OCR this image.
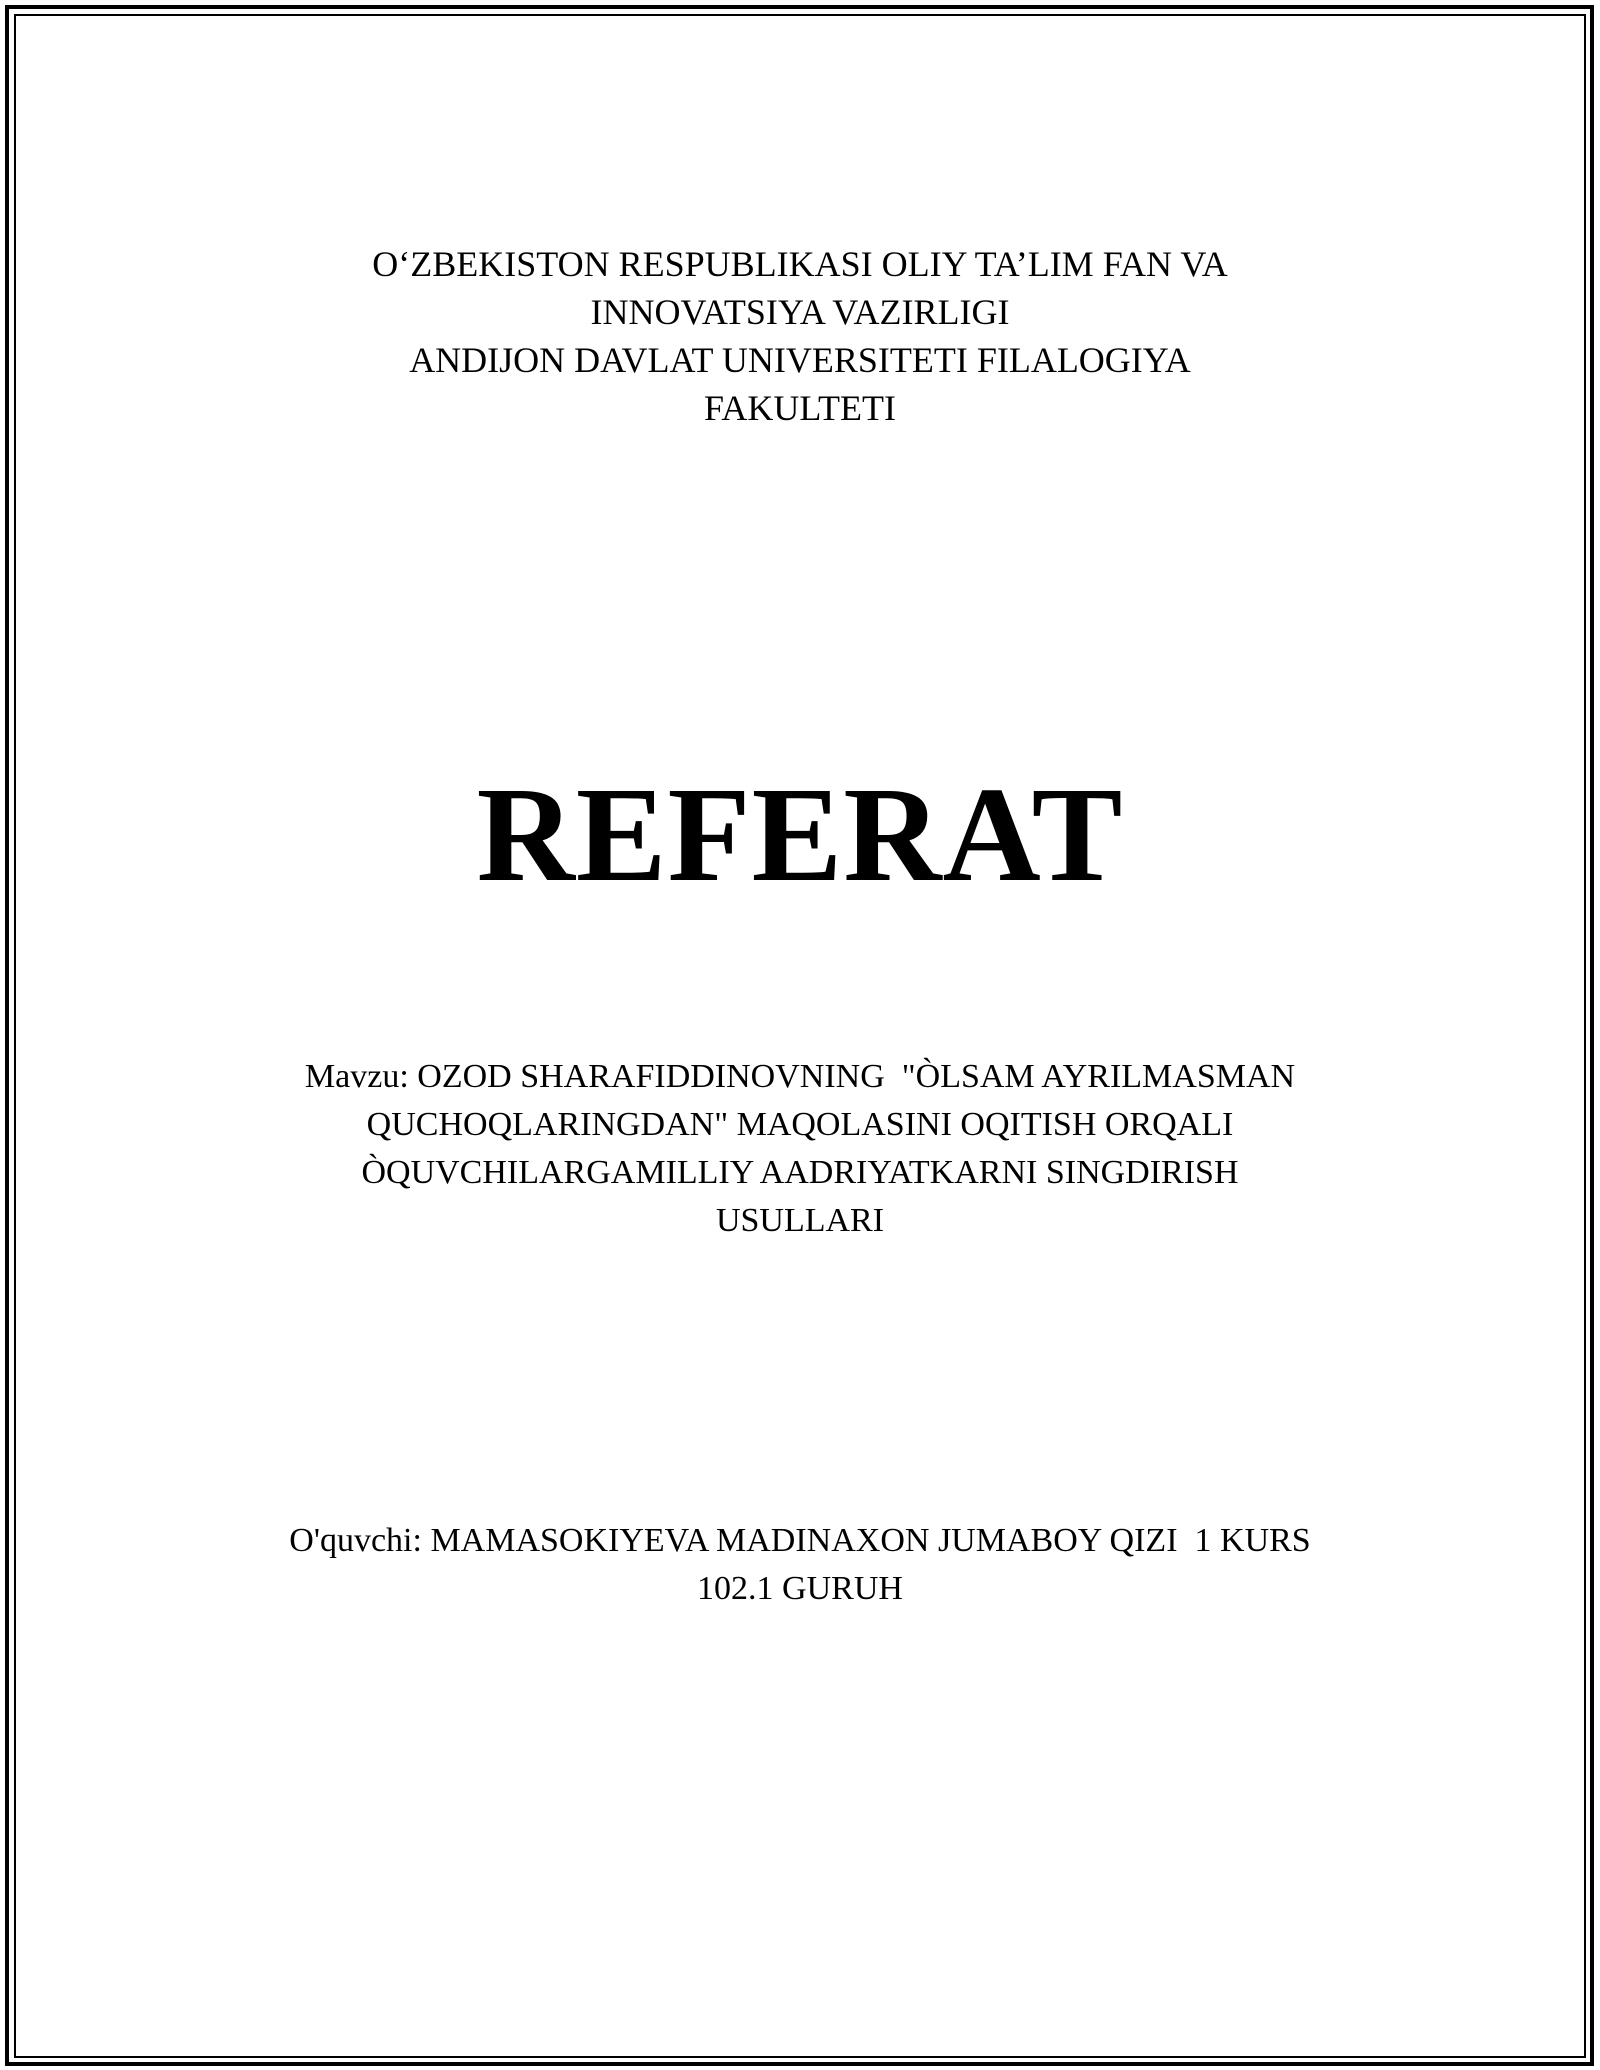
O‘ZBEKISTON RESPUBLIKASI OLIY TA’LIM FAN VA
INNOVATSIYA VAZIRLIGI
ANDIJON DAVLAT UNIVERSITETI FILALOGIYA
FAKULTETI
REFERAT
Mavzu: OZOD SHARAFIDDINOVNING  "ÒLSAM AYRILMASMAN
QUCHOQLARINGDAN" MAQOLASINI OQITISH ORQALI
ÒQUVCHILARGAMILLIY AADRIYATKARNI SINGDIRISH
USULLARI
O'quvchi: MAMASOKIYEVA MADINAXON JUMABOY QIZI  1 KURS
102.1 GURUH
